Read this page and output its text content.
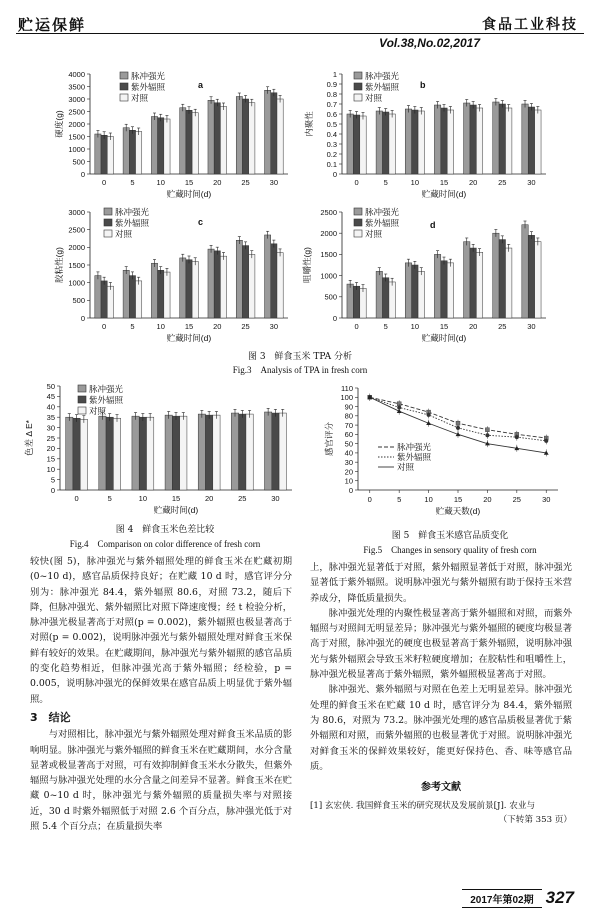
贮运保鲜	食品工业科技
Vol.38,No.02,2017
0
500
1000
1500
2000
2500
3000
3500
4000
0	5	10	15	20	25	30
a
硬度(g)
贮藏时间(d)
脉冲强光
紫外辐照
对照
0
0.1
0.2
0.3
0.4
0.5
0.6
0.7
0.8
0.9
1
0	5	10	15	20	25	30
b
内聚性
贮藏时间(d)
脉冲强光
紫外辐照
对照
0
500
1000
1500
2000
2500
3000
0	5	10	15	20	25	30
c
胶粘性(g)
贮藏时间(d)
脉冲强光
紫外辐照
对照
0
500
1000
1500
2000
2500
0	5	10	15	20	25	30
d
咀嚼性(g)
贮藏时间(d)
脉冲强光
紫外辐照
对照
图 3　鲜食玉米 TPA 分析
Fig.3　Analysis of TPA in fresh corn
0
5
10
15
20
25
30
35
40
45
50
0	5	10	15	20	25	30
色差 Δ E*
贮藏时间(d)
脉冲强光
紫外辐照
对照
图 4　鲜食玉米色差比较
Fig.4　Comparison on color difference of fresh corn
0
10
20
30
40
50
60
70
80
90
100
110
0	5	10	15	20	25	30
感官评分
贮藏天数(d)
脉冲强光
紫外辐照
对照
图 5　鲜食玉米感官品质变化
Fig.5　Changes in sensory quality of fresh corn

较快(图 5)，脉冲强光与紫外辐照处理的鲜食玉米在贮藏初期(0~10 d)，感官品质保持良好；在贮藏 10 d 时，感官评分分别为：脉冲强光 84.4，紫外辐照 80.6，对照 73.2，随后下降，但脉冲强光、紫外辐照比对照下降速度慢；经 t 检验分析，脉冲强光极显著高于对照(p = 0.002)，紫外辐照也极显著高于对照(p = 0.002)，说明脉冲强光与紫外辐照处理对鲜食玉米保鲜有较好的效果。在贮藏期间，脉冲强光与紫外辐照的感官品质的变化趋势相近，但脉冲强光高于紫外辐照；经检验，p = 0.005，说明脉冲强光的保鲜效果在感官品质上明显优于紫外辐照。

3　结论

与对照相比，脉冲强光与紫外辐照处理对鲜食玉米品质的影响明显。脉冲强光与紫外辐照的鲜食玉米在贮藏期间，水分含量显著或极显著高于对照，可有效抑制鲜食玉米水分散失，但紫外辐照与脉冲强光处理的水分含量之间差异不显著。鲜食玉米在贮藏 0~10 d 时，脉冲强光与紫外辐照的质量损失率与对照接近，30 d 时紫外辐照低于对照 2.6 个百分点，脉冲强光低于对照 5.4 个百分点；在质量损失率

上，脉冲强光显著低于对照，紫外辐照显著低于对照，脉冲强光显著低于紫外辐照。说明脉冲强光与紫外辐照有助于保持玉米营养成分，降低质量损失。

脉冲强光处理的内聚性极显著高于紫外辐照和对照，而紫外辐照与对照间无明显差异；脉冲强光与紫外辐照的硬度均极显著高于对照，脉冲强光的硬度也极显著高于紫外辐照，说明脉冲强光与紫外辐照会导致玉米籽粒硬度增加；在胶粘性和咀嚼性上，脉冲强光极显著高于紫外辐照，紫外辐照极显著高于对照。

脉冲强光、紫外辐照与对照在色差上无明显差异。脉冲强光处理的鲜食玉米在贮藏 10 d 时，感官评分为 84.4，紫外辐照为 80.6，对照为 73.2。脉冲强光处理的感官品质极显著优于紫外辐照和对照，而紫外辐照的也极显著优于对照。说明脉冲强光对鲜食玉米的保鲜效果较好，能更好保持色、香、味等感官品质。

参考文献
[1] 玄宏侠. 我国鲜食玉米的研究现状及发展前景[J]. 农业与
（下转第 353 页）
2017年第02期 327
